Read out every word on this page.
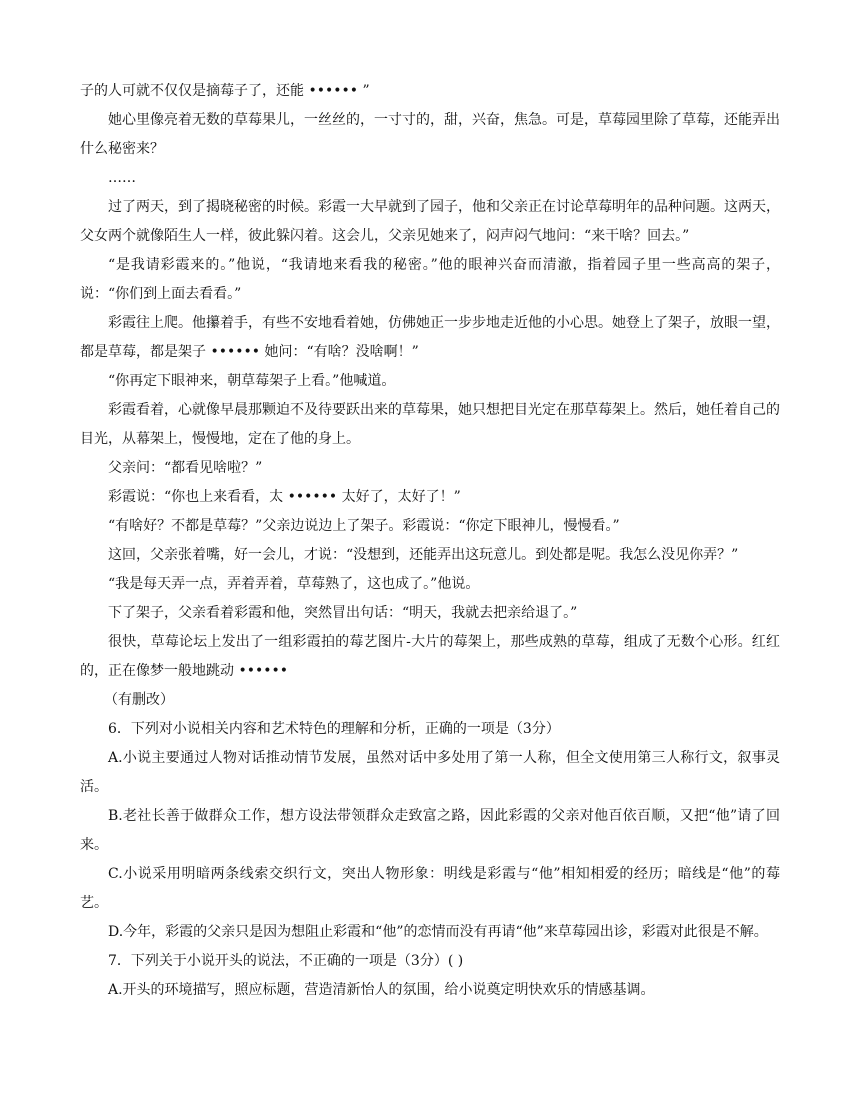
子的人可就不仅仅是摘莓子了，还能 •••••• ”

她心里像亮着无数的草莓果儿，一丝丝的，一寸寸的，甜，兴奋，焦急。可是，草莓园里除了草莓，还能弄出什么秘密来？

……

过了两天，到了揭晓秘密的时候。彩霞一大早就到了园子，他和父亲正在讨论草莓明年的品种问题。这两天，父女两个就像陌生人一样，彼此躲闪着。这会儿，父亲见她来了，闷声闷气地问：“来干啥？回去。”

“是我请彩霞来的。”他说，“我请地来看我的秘密。”他的眼神兴奋而清澈，指着园子里一些高高的架子，说：“你们到上面去看看。”

彩霞往上爬。他攥着手，有些不安地看着她，仿佛她正一步步地走近他的小心思。她登上了架子，放眼一望，都是草莓，都是架子 •••••• 她问：“有啥？没啥啊！”

“你再定下眼神来，朝草莓架子上看。”他喊道。

彩霞看着，心就像早晨那颗迫不及待要跃出来的草莓果，她只想把目光定在那草莓架上。然后，她任着自己的目光，从幕架上，慢慢地，定在了他的身上。

父亲问：“都看见啥啦？”

彩霞说：“你也上来看看，太 •••••• 太好了，太好了！”

“有啥好？不都是草莓？”父亲边说边上了架子。彩霞说：“你定下眼神儿，慢慢看。”

这回，父亲张着嘴，好一会儿，才说：“没想到，还能弄出这玩意儿。到处都是呢。我怎么没见你弄？”

“我是每天弄一点，弄着弄着，草莓熟了，这也成了。”他说。

下了架子，父亲看着彩霞和他，突然冒出句话：“明天，我就去把亲给退了。”

很快，草莓论坛上发出了一组彩霞拍的莓艺图片-大片的莓架上，那些成熟的草莓，组成了无数个心形。红红的，正在像梦一般地跳动 ••••••

（有删改）

6．下列对小说相关内容和艺术特色的理解和分析，正确的一项是（3分）

A.小说主要通过人物对话推动情节发展，虽然对话中多处用了第一人称，但全文使用第三人称行文，叙事灵活。

B.老社长善于做群众工作，想方设法带领群众走致富之路，因此彩霞的父亲对他百依百顺，又把“他”请了回来。

C.小说采用明暗两条线索交织行文，突出人物形象：明线是彩霞与“他”相知相爱的经历；暗线是“他”的莓艺。

D.今年，彩霞的父亲只是因为想阻止彩霞和“他”的恋情而没有再请“他”来草莓园出诊，彩霞对此很是不解。

7．下列关于小说开头的说法，不正确的一项是（3分）( )

A.开头的环境描写，照应标题，营造清新怡人的氛围，给小说奠定明快欢乐的情感基调。
